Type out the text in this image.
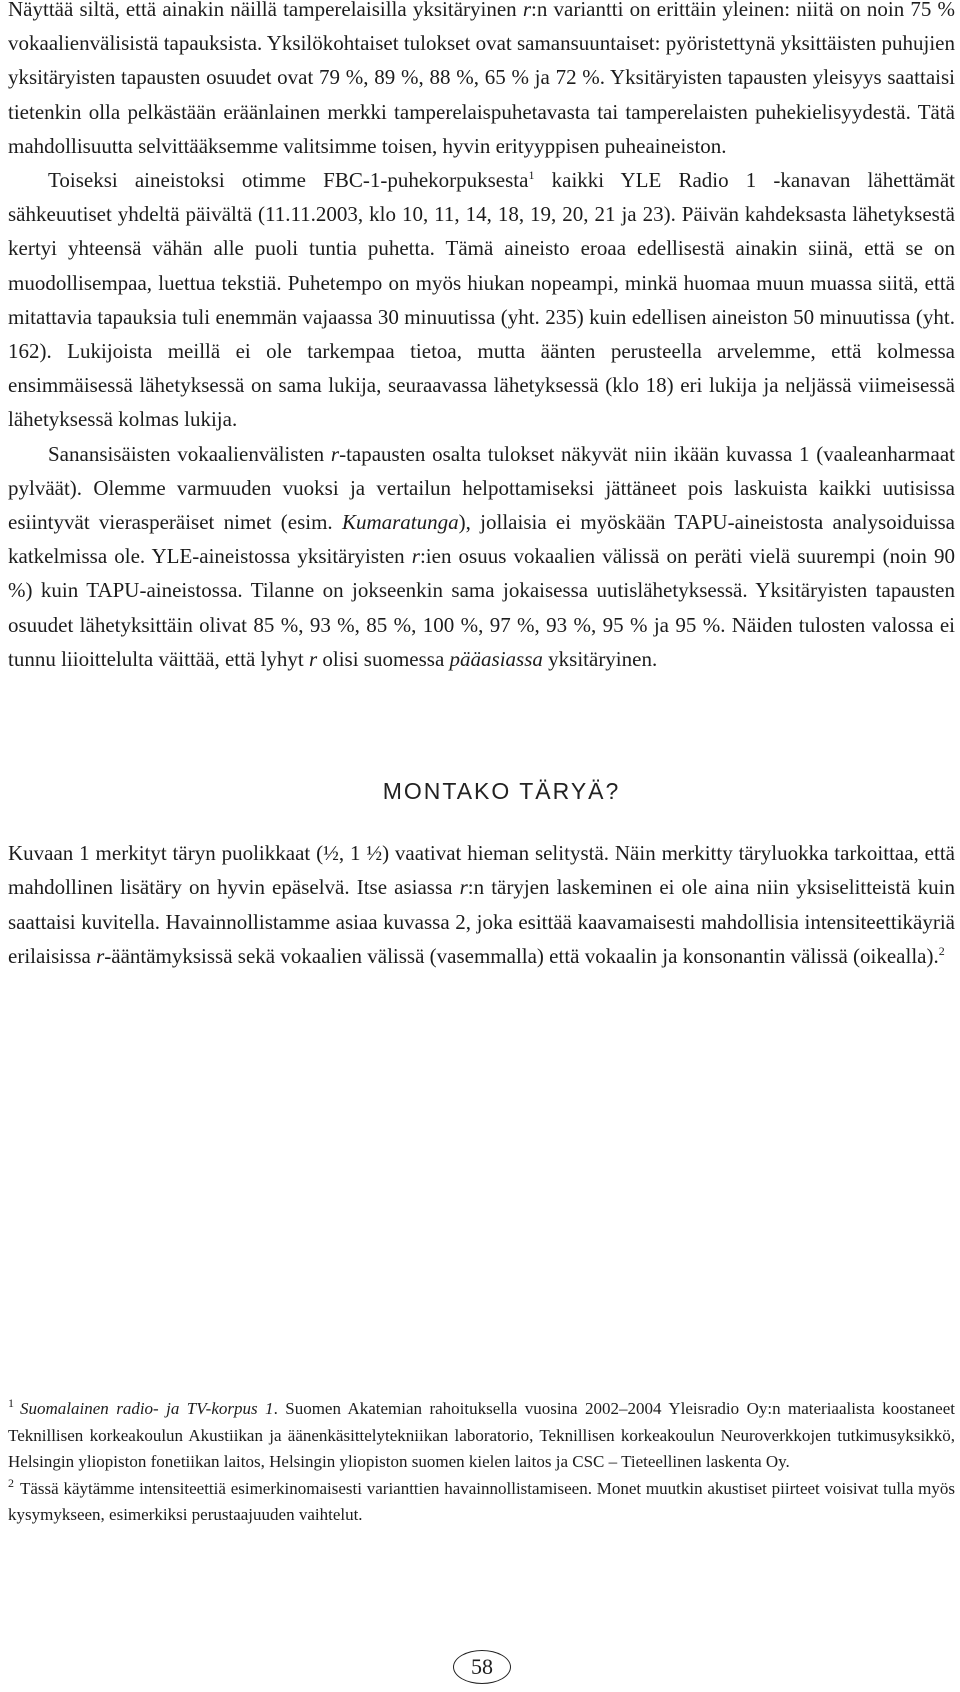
Näyttää siltä, että ainakin näillä tamperelaisilla yksitäryinen r:n variantti on erittäin yleinen: niitä on noin 75 % vokaalienvälisistä tapauksista. Yksilökohtaiset tulokset ovat samansuuntaiset: pyöristettynä yksittäisten puhujien yksitäryisten tapausten osuudet ovat 79 %, 89 %, 88 %, 65 % ja 72 %. Yksitäryisten tapausten yleisyys saattaisi tietenkin olla pelkästään eräänlainen merkki tamperelaispuhetavasta tai tamperelaisten puhekielisyydestä. Tätä mahdollisuutta selvittääksemme valitsimme toisen, hyvin erityyppisen puheaineiston.

Toiseksi aineistoksi otimme FBC-1-puhekorpuksesta$^1$ kaikki YLE Radio 1 -kanavan lähettämät sähkeuutiset yhdeltä päivältä (11.11.2003, klo 10, 11, 14, 18, 19, 20, 21 ja 23). Päivän kahdeksasta lähetyksestä kertyi yhteensä vähän alle puoli tuntia puhetta. Tämä aineisto eroaa edellisestä ainakin siinä, että se on muodollisempaa, luettua tekstiä. Puhetempo on myös hiukan nopeampi, minkä huomaa muun muassa siitä, että mitattavia tapauksia tuli enemmän vajaassa 30 minuutissa (yht. 235) kuin edellisen aineiston 50 minuutissa (yht. 162). Lukijoista meillä ei ole tarkempaa tietoa, mutta äänten perusteella arvelemme, että kolmessa ensimmäisessä lähetyksessä on sama lukija, seuraavassa lähetyksessä (klo 18) eri lukija ja neljässä viimeisessä lähetyksessä kolmas lukija.

Sanansisäisten vokaalienvälisten r-tapausten osalta tulokset näkyvät niin ikään kuvassa 1 (vaaleanharmaat pylväät). Olemme varmuuden vuoksi ja vertailun helpottamiseksi jättäneet pois laskuista kaikki uutisissa esiintyvät vierasperäiset nimet (esim. Kumaratunga), jollaisia ei myöskään TAPU-aineistosta analysoiduissa katkelmissa ole. YLE-aineistossa yksitäryisten r:ien osuus vokaalien välissä on peräti vielä suurempi (noin 90 %) kuin TAPU-aineistossa. Tilanne on jokseenkin sama jokaisessa uutislähetyksessä. Yksitäryisten tapausten osuudet lähetyksittäin olivat 85 %, 93 %, 85 %, 100 %, 97 %, 93 %, 95 % ja 95 %. Näiden tulosten valossa ei tunnu liioittelulta väittää, että lyhyt r olisi suomessa pääasiassa yksitäryinen.

MONTAKO TÄRYÄ?

Kuvaan 1 merkityt täryn puolikkaat (½, 1 ½) vaativat hieman selitystä. Näin merkitty täryluokka tarkoittaa, että mahdollinen lisätäry on hyvin epäselvä. Itse asiassa r:n täryjen laskeminen ei ole aina niin yksiselitteistä kuin saattaisi kuvitella. Havainnollistamme asiaa kuvassa 2, joka esittää kaavamaisesti mahdollisia intensiteettikäyriä erilaisissa r-ääntämyksissä sekä vokaalien välissä (vasemmalla) että vokaalin ja konsonantin välissä (oikealla).$^2$

$^1$ Suomalainen radio- ja TV-korpus 1. Suomen Akatemian rahoituksella vuosina 2002–2004 Yleisradio Oy:n materiaalista koostaneet Teknillisen korkeakoulun Akustiikan ja äänenkäsittelytekniikan laboratorio, Teknillisen korkeakoulun Neuroverkkojen tutkimusyksikkö, Helsingin yliopiston fonetiikan laitos, Helsingin yliopiston suomen kielen laitos ja CSC – Tieteellinen laskenta Oy.

$^2$ Tässä käytämme intensiteettiä esimerkinomaisesti varianttien havainnollistamiseen. Monet muutkin akustiset piirteet voisivat tulla myös kysymykseen, esimerkiksi perustaajuuden vaihtelut.

58
